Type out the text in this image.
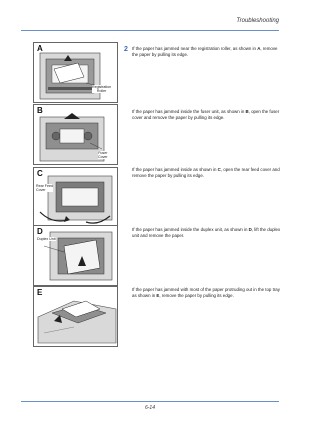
Troubleshooting
A
Registration
Roller
B
Fuser
Cover
C
Rear Feed
Cover
D
Duplex Unit
E
2 If the paper has jammed near the registration roller, as shown in A, remove the paper by pulling its edge.
If the paper has jammed inside the fuser unit, as shown in B, open the fuser cover and remove the paper by pulling its edge.
If the paper has jammed inside as shown in C, open the rear feed cover and remove the paper by pulling its edge.
If the paper has jammed inside the duplex unit, as shown in D, lift the duplex unit and remove the paper.
If the paper has jammed with most of the paper protruding out in the top tray as shown in E, remove the paper by pulling its edge.
6-14
